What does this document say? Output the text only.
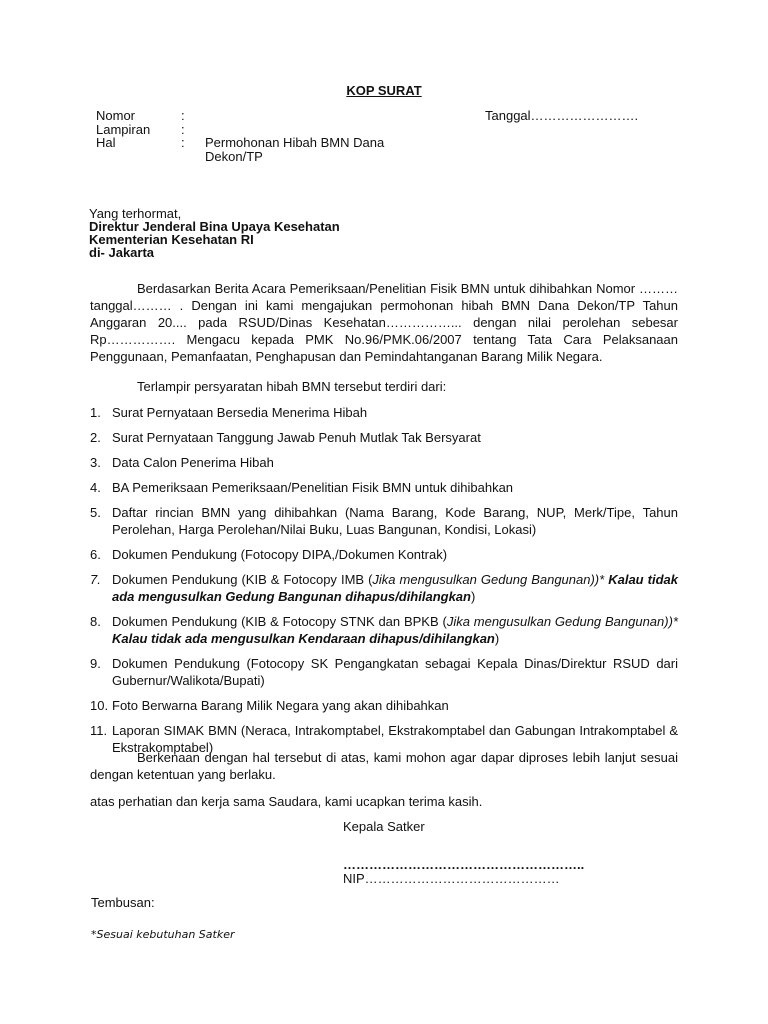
KOP SURAT
Nomor	:
Lampiran :
Hal	: Permohonan Hibah BMN Dana
Dekon/TP
Tanggal…………………….
Yang terhormat,
Direktur Jenderal Bina Upaya Kesehatan
Kementerian Kesehatan RI
di- Jakarta
Berdasarkan Berita Acara Pemeriksaan/Penelitian Fisik BMN untuk dihibahkan Nomor ………tanggal……… . Dengan ini kami mengajukan permohonan hibah BMN Dana Dekon/TP Tahun Anggaran 20.... pada RSUD/Dinas Kesehatan……………... dengan nilai perolehan sebesar Rp……………. Mengacu kepada PMK No.96/PMK.06/2007 tentang Tata Cara Pelaksanaan Penggunaan, Pemanfaatan, Penghapusan dan Pemindahtanganan Barang Milik Negara.
Terlampir persyaratan hibah BMN tersebut terdiri dari:
1. Surat Pernyataan Bersedia Menerima Hibah
2. Surat Pernyataan Tanggung Jawab Penuh Mutlak Tak Bersyarat
3. Data Calon Penerima Hibah
4. BA Pemeriksaan Pemeriksaan/Penelitian Fisik BMN untuk dihibahkan
5. Daftar rincian BMN yang dihibahkan (Nama Barang, Kode Barang, NUP, Merk/Tipe, Tahun Perolehan, Harga Perolehan/Nilai Buku, Luas Bangunan, Kondisi, Lokasi)
6. Dokumen Pendukung (Fotocopy DIPA,/Dokumen Kontrak)
7. Dokumen Pendukung (KIB & Fotocopy IMB (Jika mengusulkan Gedung Bangunan))* Kalau tidak ada mengusulkan Gedung Bangunan dihapus/dihilangkan)
8. Dokumen Pendukung (KIB & Fotocopy STNK dan BPKB (Jika mengusulkan Gedung Bangunan))* Kalau tidak ada mengusulkan Kendaraan dihapus/dihilangkan)
9. Dokumen Pendukung (Fotocopy SK Pengangkatan sebagai Kepala Dinas/Direktur RSUD dari Gubernur/Walikota/Bupati)
10. Foto Berwarna Barang Milik Negara yang akan dihibahkan
11. Laporan SIMAK BMN (Neraca, Intrakomptabel, Ekstrakomptabel dan Gabungan Intrakomptabel & Ekstrakomptabel)
Berkenaan dengan hal tersebut di atas, kami mohon agar dapar diproses lebih lanjut sesuai dengan ketentuan yang berlaku.
atas perhatian dan kerja sama Saudara, kami ucapkan terima kasih.
Kepala Satker
………………………………………………..
NIP………………………………………
Tembusan:
*Sesuai kebutuhan Satker
